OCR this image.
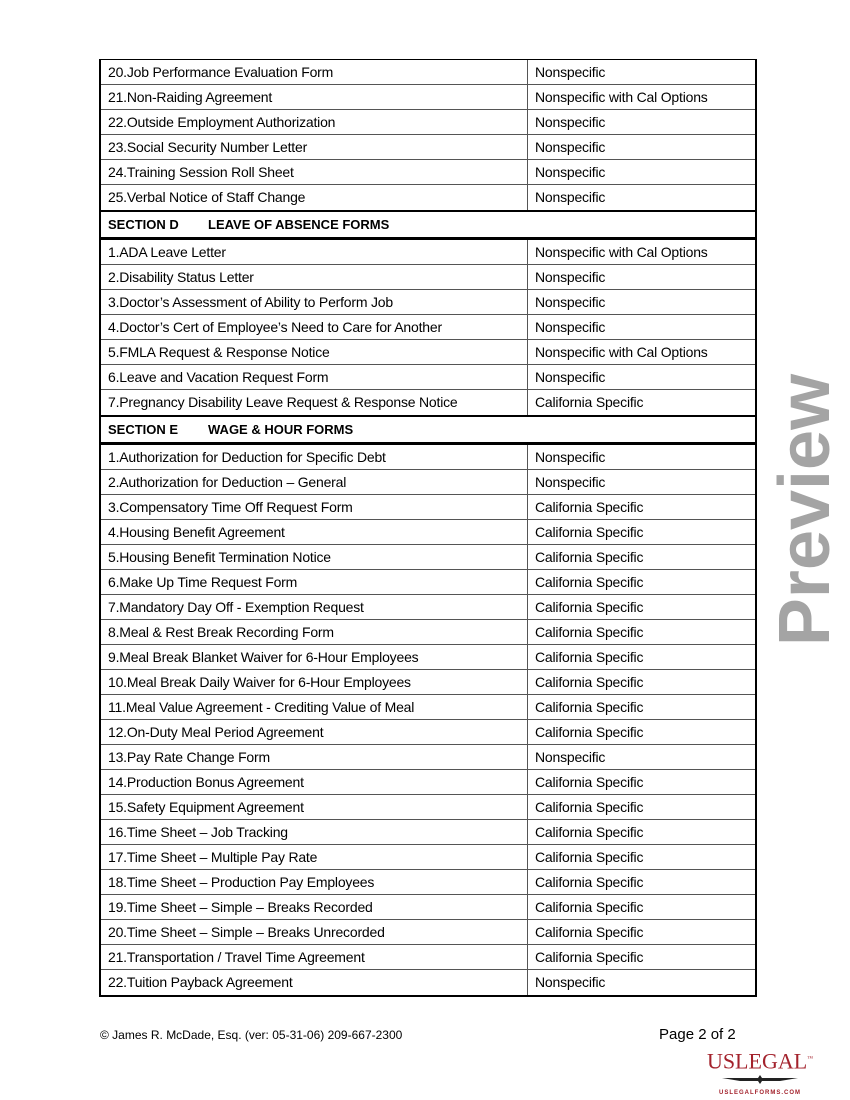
20.Job Performance Evaluation Form	Nonspecific
21.Non-Raiding Agreement	Nonspecific with Cal Options
22.Outside Employment Authorization	Nonspecific
23.Social Security Number Letter	Nonspecific
24.Training Session Roll Sheet	Nonspecific
25.Verbal Notice of Staff Change	Nonspecific
SECTION D LEAVE OF ABSENCE FORMS
1.ADA Leave Letter	Nonspecific with Cal Options
2.Disability Status Letter	Nonspecific
3.Doctor’s Assessment of Ability to Perform Job	Nonspecific
4.Doctor’s Cert of Employee’s Need to Care for Another	Nonspecific
5.FMLA Request & Response Notice	Nonspecific with Cal Options
6.Leave and Vacation Request Form	Nonspecific
7.Pregnancy Disability Leave Request & Response Notice	California Specific
SECTION E WAGE & HOUR FORMS
1.Authorization for Deduction for Specific Debt	Nonspecific
2.Authorization for Deduction – General	Nonspecific
3.Compensatory Time Off Request Form	California Specific
4.Housing Benefit Agreement	California Specific
5.Housing Benefit Termination Notice	California Specific
6.Make Up Time Request Form	California Specific
7.Mandatory Day Off - Exemption Request	California Specific
8.Meal & Rest Break Recording Form	California Specific
9.Meal Break Blanket Waiver for 6-Hour Employees	California Specific
10.Meal Break Daily Waiver for 6-Hour Employees	California Specific
11.Meal Value Agreement - Crediting Value of Meal	California Specific
12.On-Duty Meal Period Agreement	California Specific
13.Pay Rate Change Form	Nonspecific
14.Production Bonus Agreement	California Specific
15.Safety Equipment Agreement	California Specific
16.Time Sheet – Job Tracking	California Specific
17.Time Sheet – Multiple Pay Rate	California Specific
18.Time Sheet – Production Pay Employees	California Specific
19.Time Sheet – Simple – Breaks Recorded	California Specific
20.Time Sheet – Simple – Breaks Unrecorded	California Specific
21.Transportation / Travel Time Agreement	California Specific
22.Tuition Payback Agreement	Nonspecific
Preview
© James R. McDade, Esq. (ver: 05-31-06) 209-667-2300	Page 2 of 2
USLEGAL™
USLEGALFORMS.COM
